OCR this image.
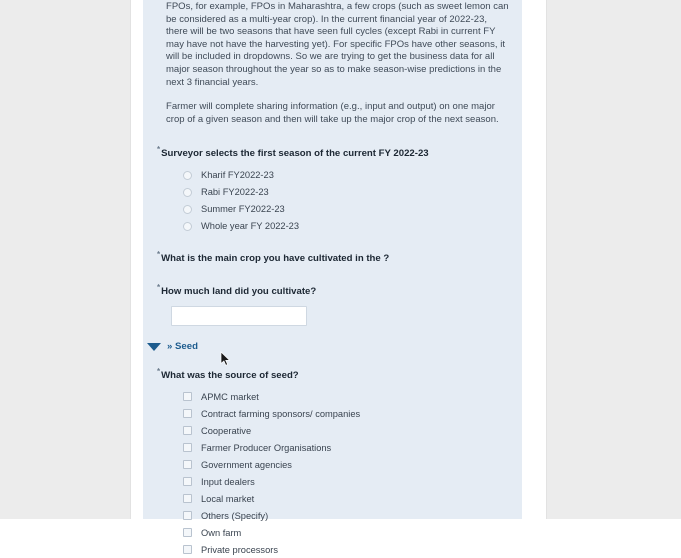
FPOs, for example, FPOs in Maharashtra, a few crops (such as sweet lemon can be considered as a multi-year crop). In the current financial year of 2022-23, there will be two seasons that have seen full cycles (except Rabi in current FY may have not have the harvesting yet). For specific FPOs have other seasons, it will be included in dropdowns. So we are trying to get the business data for all major season throughout the year so as to make season-wise predictions in the next 3 financial years.

Farmer will complete sharing information (e.g., input and output) on one major crop of a given season and then will take up the major crop of the next season.

*Surveyor selects the first season of the current FY 2022-23
Kharif FY2022-23
Rabi FY2022-23
Summer FY2022-23
Whole year FY 2022-23
*What is the main crop you have cultivated in the ?
*How much land did you cultivate?
» Seed
*What was the source of seed?
APMC market
Contract farming sponsors/ companies
Cooperative
Farmer Producer Organisations
Government agencies
Input dealers
Local market
Others (Specify)
Own farm
Private processors
